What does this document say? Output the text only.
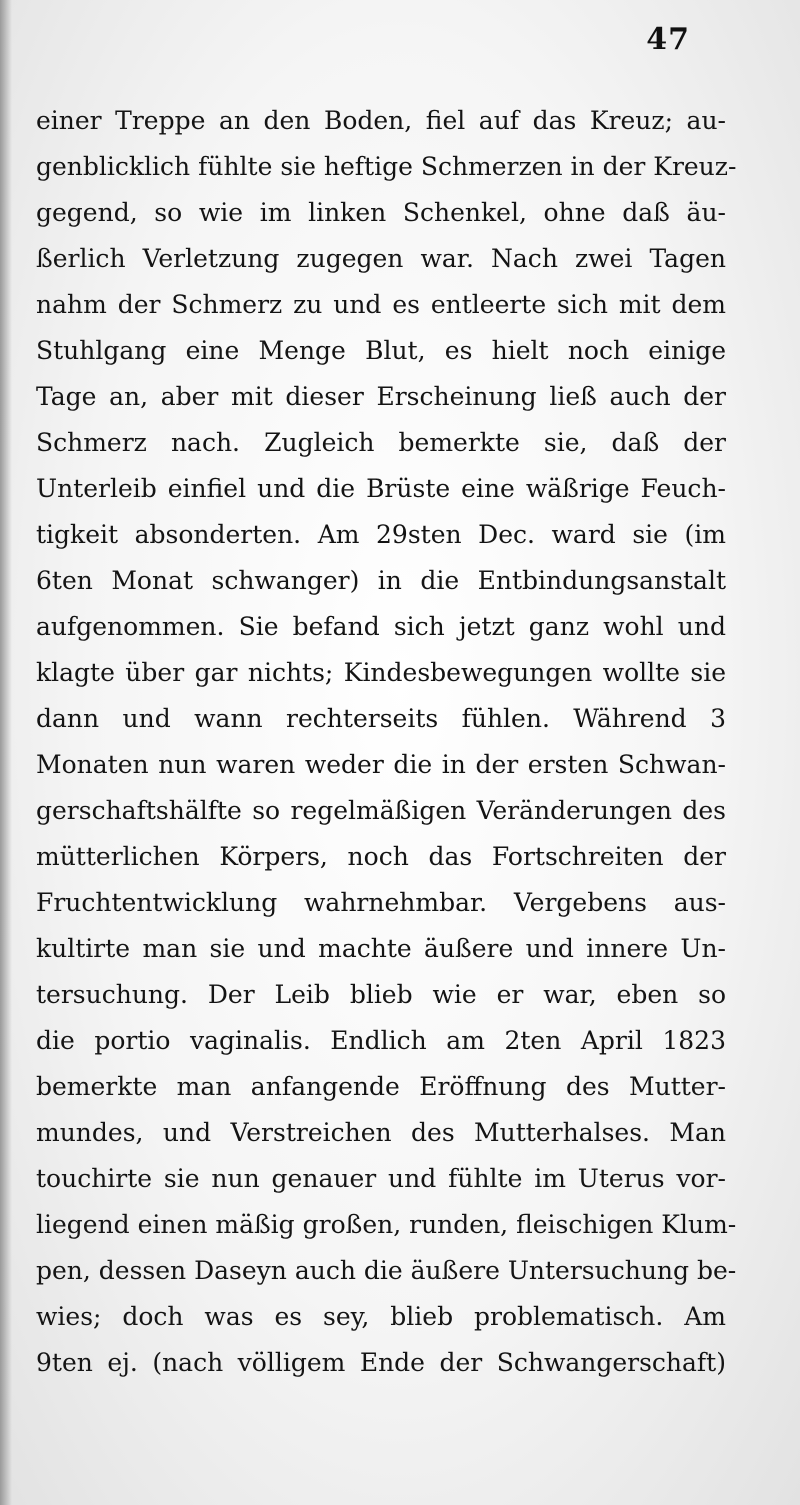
47
einer Treppe an den Boden, fiel auf das Kreuz; au-
genblicklich fühlte sie heftige Schmerzen in der Kreuz-
gegend, so wie im linken Schenkel, ohne daß äu-
ßerlich Verletzung zugegen war. Nach zwei Tagen
nahm der Schmerz zu und es entleerte sich mit dem
Stuhlgang eine Menge Blut, es hielt noch einige
Tage an, aber mit dieser Erscheinung ließ auch der
Schmerz nach. Zugleich bemerkte sie, daß der
Unterleib einfiel und die Brüste eine wäßrige Feuch-
tigkeit absonderten. Am 29sten Dec. ward sie (im
6ten Monat schwanger) in die Entbindungsanstalt
aufgenommen. Sie befand sich jetzt ganz wohl und
klagte über gar nichts; Kindesbewegungen wollte sie
dann und wann rechterseits fühlen. Während 3
Monaten nun waren weder die in der ersten Schwan-
gerschaftshälfte so regelmäßigen Veränderungen des
mütterlichen Körpers, noch das Fortschreiten der
Fruchtentwicklung wahrnehmbar. Vergebens aus-
kultirte man sie und machte äußere und innere Un-
tersuchung. Der Leib blieb wie er war, eben so
die portio vaginalis. Endlich am 2ten April 1823
bemerkte man anfangende Eröffnung des Mutter-
mundes, und Verstreichen des Mutterhalses. Man
touchirte sie nun genauer und fühlte im Uterus vor-
liegend einen mäßig großen, runden, fleischigen Klum-
pen, dessen Daseyn auch die äußere Untersuchung be-
wies; doch was es sey, blieb problematisch. Am
9ten ej. (nach völligem Ende der Schwangerschaft)
